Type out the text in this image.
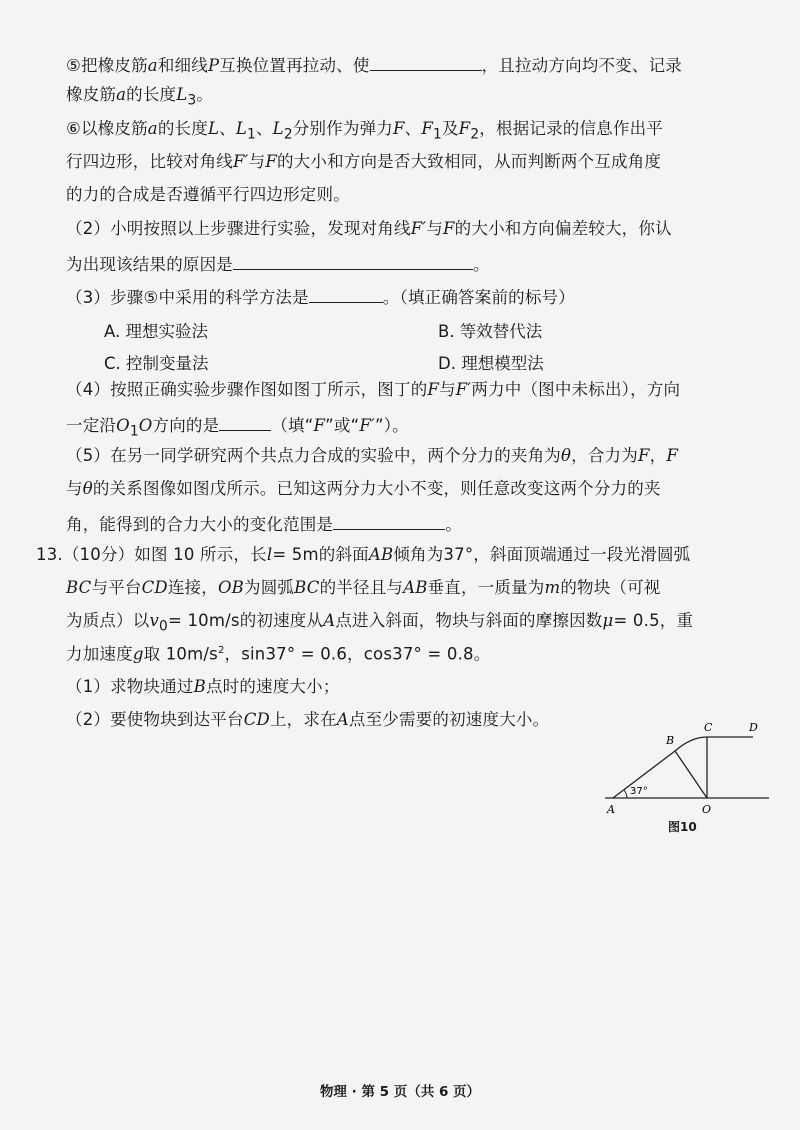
⑤把橡皮筋a和细线P互换位置再拉动、使	，且拉动方向均不变、记录
橡皮筋a的长度$L_3$。
⑥以橡皮筋a的长度L、$L_1$、$L_2$分别作为弹力F、$F_1$及$F_2$，根据记录的信息作出平
行四边形，比较对角线F′与F的大小和方向是否大致相同，从而判断两个互成角度
的力的合成是否遵循平行四边形定则。
（2）小明按照以上步骤进行实验，发现对角线F′与F的大小和方向偏差较大，你认
为出现该结果的原因是	。
（3）步骤⑤中采用的科学方法是	。（填正确答案前的标号）
A. 理想实验法	B. 等效替代法
C. 控制变量法	D. 理想模型法
（4）按照正确实验步骤作图如图丁所示，图丁的F与F′两力中（图中未标出），方向
一定沿$O_1O$方向的是	（填“F”或“F′”）。
（5）在另一同学研究两个共点力合成的实验中，两个分力的夹角为θ，合力为F，F
与θ的关系图像如图戊所示。已知这两分力大小不变，则任意改变这两个分力的夹
角，能得到的合力大小的变化范围是	。
13.（10分）如图 10 所示，长l= 5m的斜面AB倾角为37°，斜面顶端通过一段光滑圆弧
BC与平台CD连接，OB为圆弧BC的半径且与AB垂直，一质量为m的物块（可视
为质点）以$v_0= 10m/s$的初速度从A点进入斜面，物块与斜面的摩擦因数μ= 0.5，重
力加速度g取 $10m/s^2$，sin37° = 0.6，cos37° = 0.8。
（1）求物块通过B点时的速度大小；
（2）要使物块到达平台CD上，求在A点至少需要的初速度大小。
A
B
C	D
O
37°
图10
物理 · 第 5 页（共 6 页）
